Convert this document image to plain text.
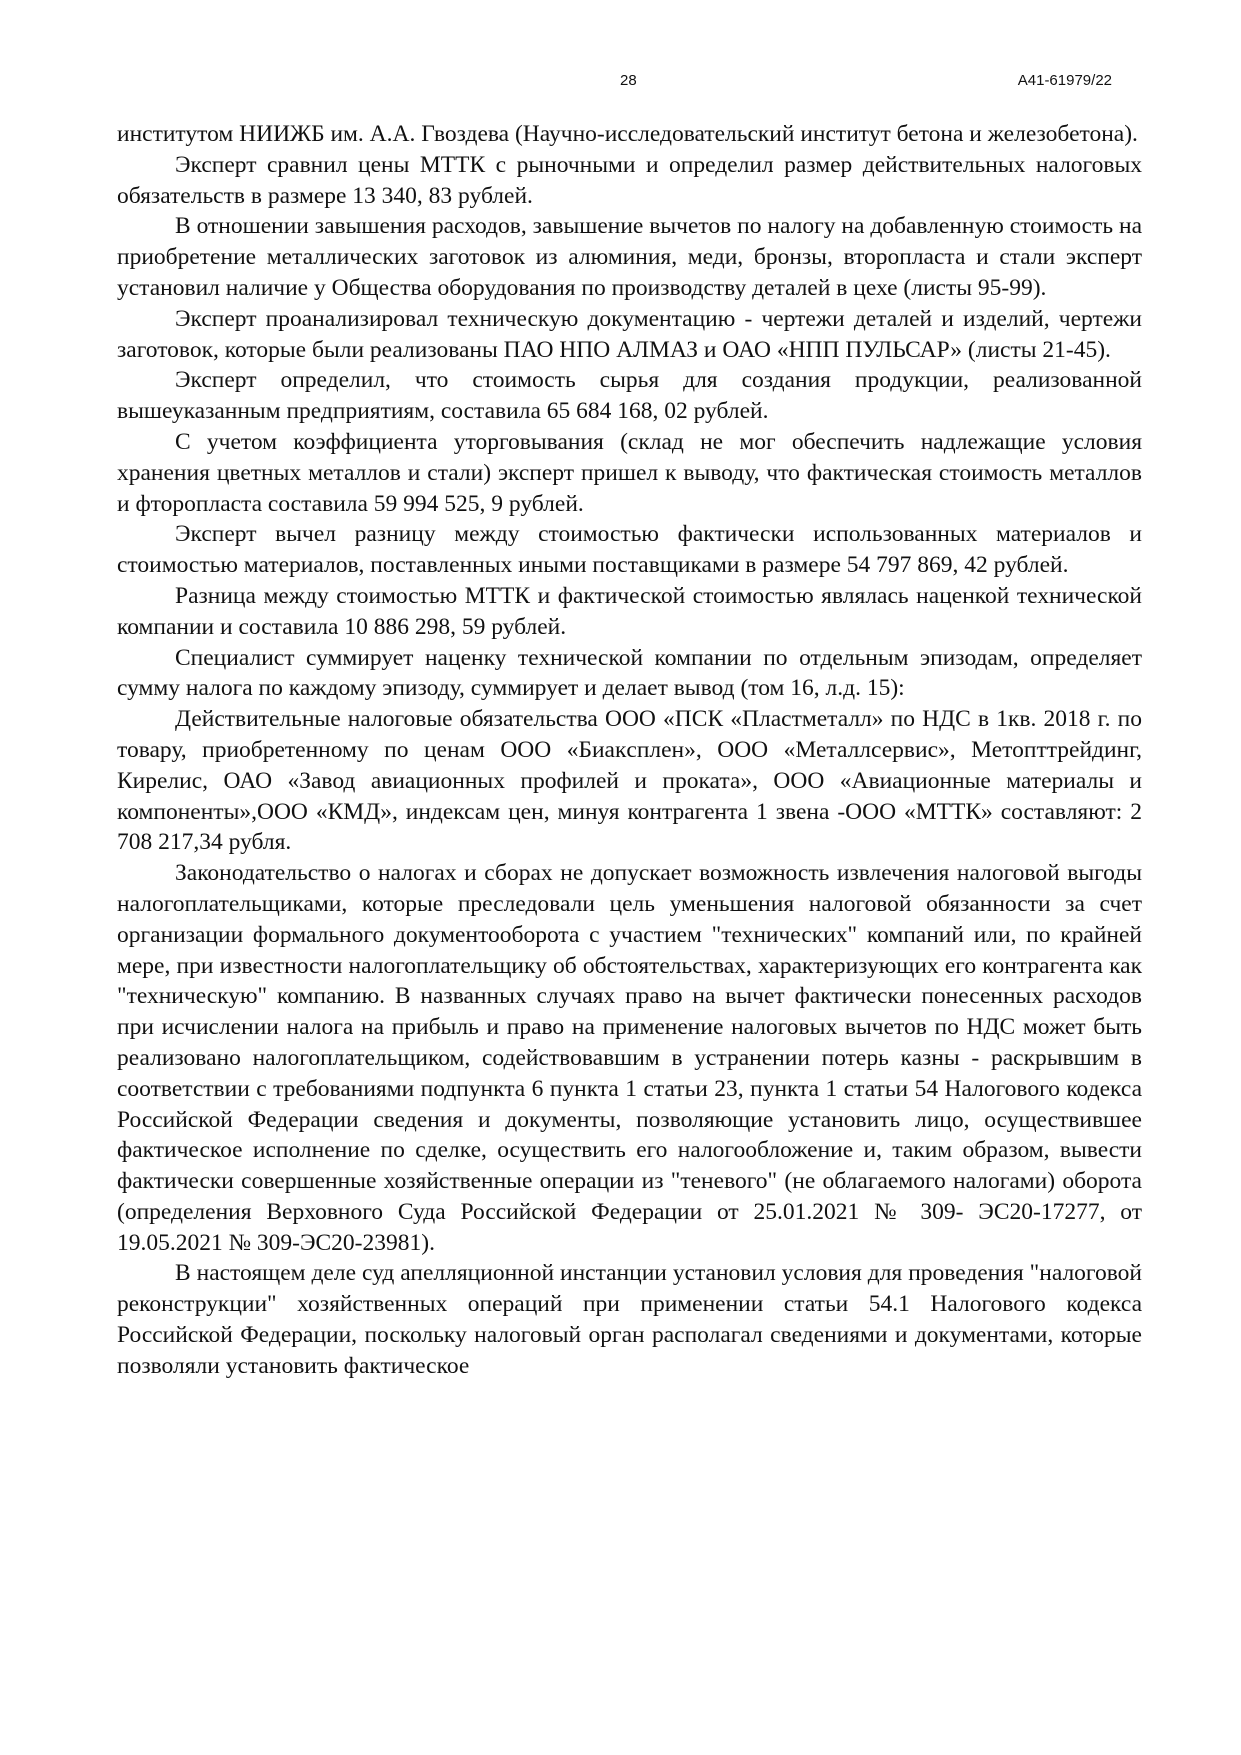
28	А41-61979/22

институтом НИИЖБ им. А.А. Гвоздева (Научно-исследовательский институт бетона и железобетона).

Эксперт сравнил цены МТТК с рыночными и определил размер действительных налоговых обязательств в размере 13 340, 83 рублей.

В отношении завышения расходов, завышение вычетов по налогу на добавленную стоимость на приобретение металлических заготовок из алюминия, меди, бронзы, второпласта и стали эксперт установил наличие у Общества оборудования по производству деталей в цехе (листы 95-99).

Эксперт проанализировал техническую документацию - чертежи деталей и изделий, чертежи заготовок, которые были реализованы ПАО НПО АЛМАЗ и ОАО «НПП ПУЛЬСАР» (листы 21-45).

Эксперт определил, что стоимость сырья для создания продукции, реализованной вышеуказанным предприятиям, составила 65 684 168, 02 рублей.

С учетом коэффициента уторговывания (склад не мог обеспечить надлежащие условия хранения цветных металлов и стали) эксперт пришел к выводу, что фактическая стоимость металлов и фторопласта составила 59 994 525, 9 рублей.

Эксперт вычел разницу между стоимостью фактически использованных материалов и стоимостью материалов, поставленных иными поставщиками в размере 54 797 869, 42 рублей.

Разница между стоимостью МТТК и фактической стоимостью являлась наценкой технической компании и составила 10 886 298, 59 рублей.

Специалист суммирует наценку технической компании по отдельным эпизодам, определяет сумму налога по каждому эпизоду, суммирует и делает вывод (том 16, л.д. 15):

Действительные налоговые обязательства ООО «ПСК «Пластметалл» по НДС в 1кв. 2018 г. по товару, приобретенному по ценам ООО «Биакcплен», ООО «Металлсервис», Метопттрейдинг, Кирелис, ОАО «Завод авиационных профилей и проката», ООО «Авиационные материалы и компоненты»,ООО «КМД», индексам цен, минуя контрагента 1 звена -ООО «МТТК» составляют: 2 708 217,34 рубля.

Законодательство о налогах и сборах не допускает возможность извлечения налоговой выгоды налогоплательщиками, которые преследовали цель уменьшения налоговой обязанности за счет организации формального документооборота с участием "технических" компаний или, по крайней мере, при известности налогоплательщику об обстоятельствах, характеризующих его контрагента как "техническую" компанию. В названных случаях право на вычет фактически понесенных расходов при исчислении налога на прибыль и право на применение налоговых вычетов по НДС может быть реализовано налогоплательщиком, содействовавшим в устранении потерь казны - раскрывшим в соответствии с требованиями подпункта 6 пункта 1 статьи 23, пункта 1 статьи 54 Налогового кодекса Российской Федерации сведения и документы, позволяющие установить лицо, осуществившее фактическое исполнение по сделке, осуществить его налогообложение и, таким образом, вывести фактически совершенные хозяйственные операции из "теневого" (не облагаемого налогами) оборота (определения Верховного Суда Российской Федерации от 25.01.2021 № 309- ЭС20-17277, от 19.05.2021 № 309-ЭС20-23981).

В настоящем деле суд апелляционной инстанции установил условия для проведения "налоговой реконструкции" хозяйственных операций при применении статьи 54.1 Налогового кодекса Российской Федерации, поскольку налоговый орган располагал сведениями и документами, которые позволяли установить фактическое
